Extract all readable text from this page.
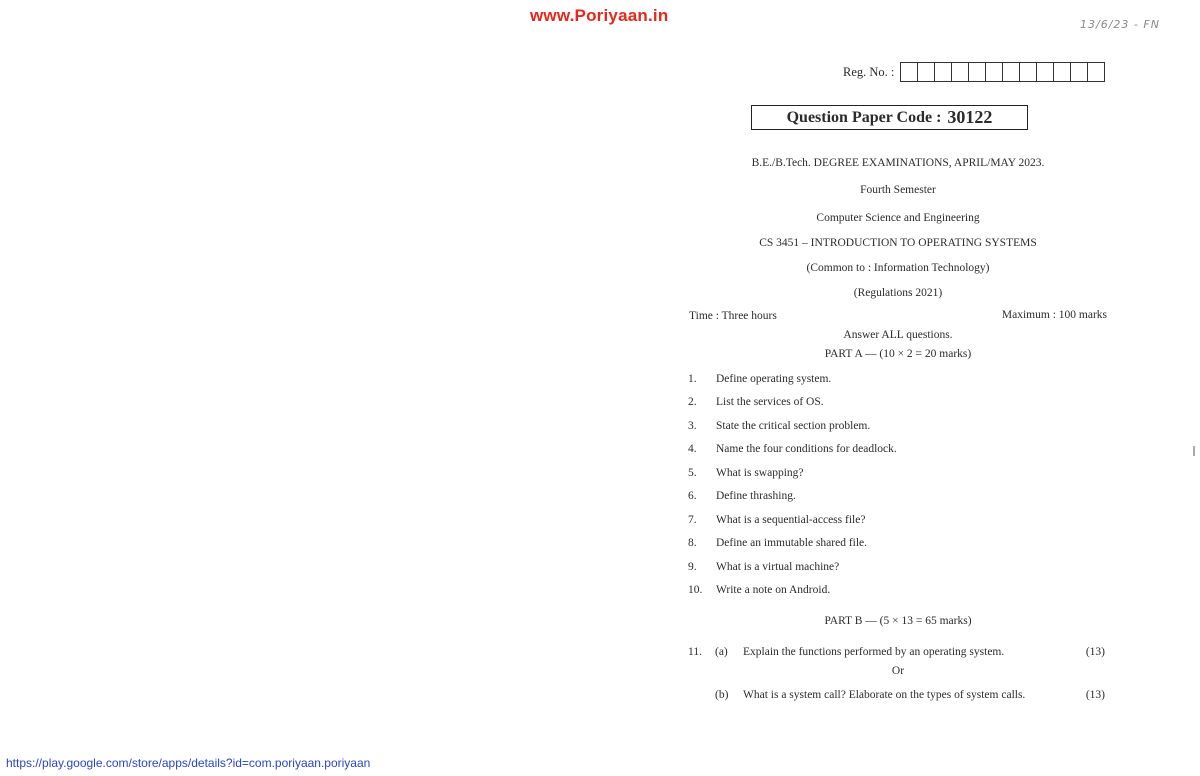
www.Poriyaan.in	13/6/23 - FN
Reg. No. :
Question Paper Code : 30122
B.E./B.Tech. DEGREE EXAMINATIONS, APRIL/MAY 2023.
Fourth Semester
Computer Science and Engineering
CS 3451 – INTRODUCTION TO OPERATING SYSTEMS
(Common to : Information Technology)
(Regulations 2021)
Time : Three hours	Maximum : 100 marks
Answer ALL questions.
PART A — (10 × 2 = 20 marks)
1.	Define operating system.
2.	List the services of OS.
3.	State the critical section problem.
4.	Name the four conditions for deadlock.
5.	What is swapping?
6.	Define thrashing.
7.	What is a sequential-access file?
8.	Define an immutable shared file.
9.	What is a virtual machine?
10.	Write a note on Android.
PART B — (5 × 13 = 65 marks)
11. (a) Explain the functions performed by an operating system.	(13)
Or
(b) What is a system call? Elaborate on the types of system calls.	(13)
https://play.google.com/store/apps/details?id=com.poriyaan.poriyaan
